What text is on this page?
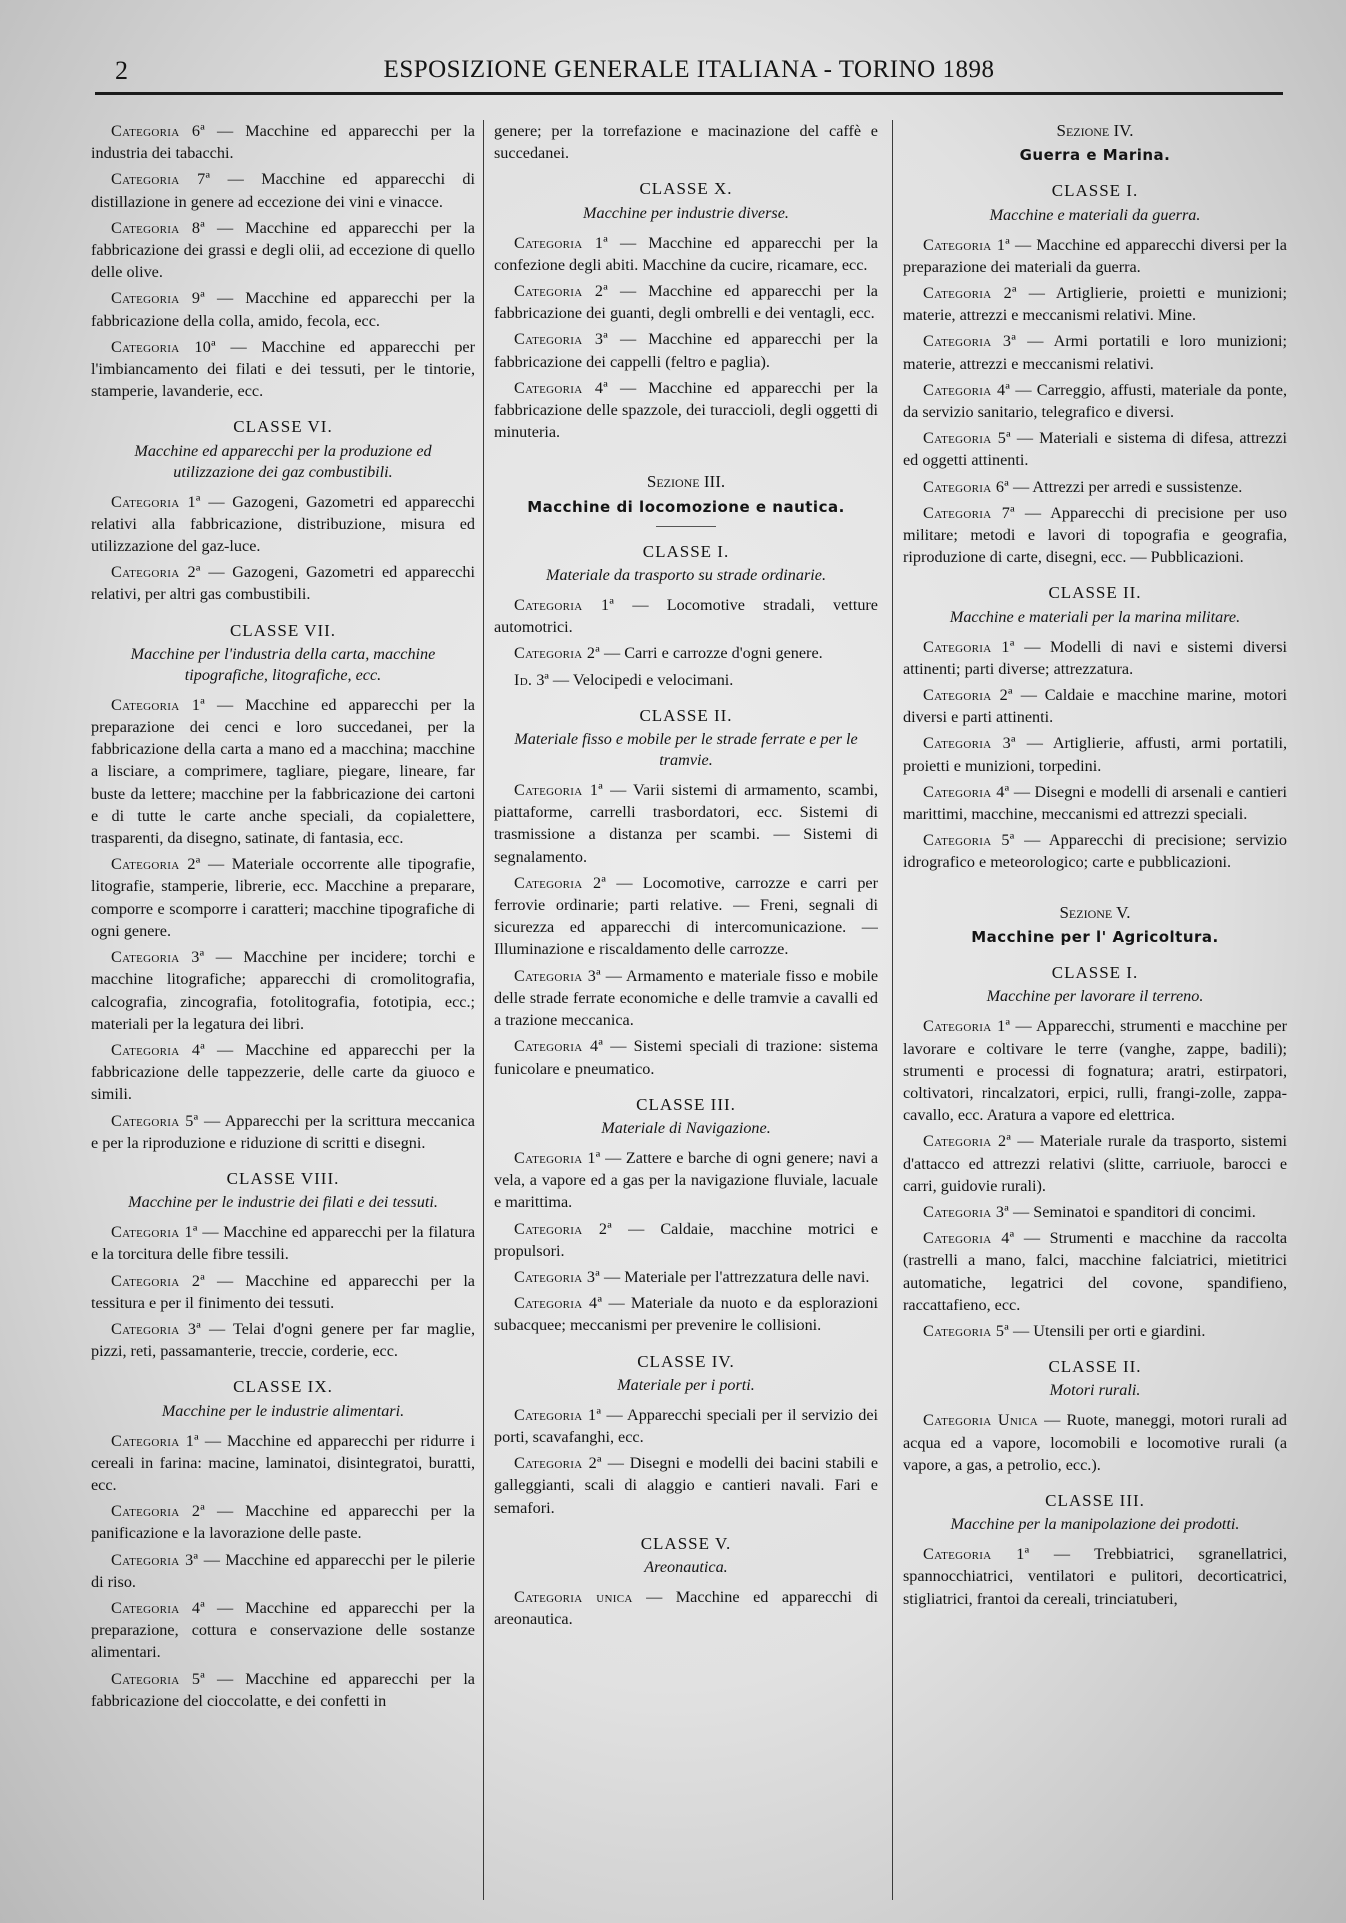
2	ESPOSIZIONE GENERALE ITALIANA - TORINO 1898

Categoria 6ª — Macchine ed apparecchi per la industria dei tabacchi.

Categoria 7ª — Macchine ed apparecchi di distillazione in genere ad eccezione dei vini e vinacce.

Categoria 8ª — Macchine ed apparecchi per la fabbricazione dei grassi e degli olii, ad eccezione di quello delle olive.

Categoria 9ª — Macchine ed apparecchi per la fabbricazione della colla, amido, fecola, ecc.

Categoria 10ª — Macchine ed apparecchi per l'imbiancamento dei filati e dei tessuti, per le tintorie, stamperie, lavanderie, ecc.

CLASSE VI.
Macchine ed apparecchi per la produzione ed utilizzazione dei gaz combustibili.

Categoria 1ª — Gazogeni, Gazometri ed apparecchi relativi alla fabbricazione, distribuzione, misura ed utilizzazione del gaz-luce.

Categoria 2ª — Gazogeni, Gazometri ed apparecchi relativi, per altri gas combustibili.

CLASSE VII.
Macchine per l'industria della carta, macchine tipografiche, litografiche, ecc.

Categoria 1ª — Macchine ed apparecchi per la preparazione dei cenci e loro succedanei, per la fabbricazione della carta a mano ed a macchina; macchine a lisciare, a comprimere, tagliare, piegare, lineare, far buste da lettere; macchine per la fabbricazione dei cartoni e di tutte le carte anche speciali, da copialettere, trasparenti, da disegno, satinate, di fantasia, ecc.

Categoria 2ª — Materiale occorrente alle tipografie, litografie, stamperie, librerie, ecc. Macchine a preparare, comporre e scomporre i caratteri; macchine tipografiche di ogni genere.

Categoria 3ª — Macchine per incidere; torchi e macchine litografiche; apparecchi di cromolitografia, calcografia, zincografia, fotolitografia, fototipia, ecc.; materiali per la legatura dei libri.

Categoria 4ª — Macchine ed apparecchi per la fabbricazione delle tappezzerie, delle carte da giuoco e simili.

Categoria 5ª — Apparecchi per la scrittura meccanica e per la riproduzione e riduzione di scritti e disegni.

CLASSE VIII.
Macchine per le industrie dei filati e dei tessuti.

Categoria 1ª — Macchine ed apparecchi per la filatura e la torcitura delle fibre tessili.

Categoria 2ª — Macchine ed apparecchi per la tessitura e per il finimento dei tessuti.

Categoria 3ª — Telai d'ogni genere per far maglie, pizzi, reti, passamanterie, treccie, corderie, ecc.

CLASSE IX.
Macchine per le industrie alimentari.

Categoria 1ª — Macchine ed apparecchi per ridurre i cereali in farina: macine, laminatoi, disintegratoi, buratti, ecc.

Categoria 2ª — Macchine ed apparecchi per la panificazione e la lavorazione delle paste.

Categoria 3ª — Macchine ed apparecchi per le pilerie di riso.

Categoria 4ª — Macchine ed apparecchi per la preparazione, cottura e conservazione delle sostanze alimentari.

Categoria 5ª — Macchine ed apparecchi per la fabbricazione del cioccolatte, e dei confetti in

genere; per la torrefazione e macinazione del caffè e succedanei.

CLASSE X.
Macchine per industrie diverse.

Categoria 1ª — Macchine ed apparecchi per la confezione degli abiti. Macchine da cucire, ricamare, ecc.

Categoria 2ª — Macchine ed apparecchi per la fabbricazione dei guanti, degli ombrelli e dei ventagli, ecc.

Categoria 3ª — Macchine ed apparecchi per la fabbricazione dei cappelli (feltro e paglia).

Categoria 4ª — Macchine ed apparecchi per la fabbricazione delle spazzole, dei turaccioli, degli oggetti di minuteria.

Sezione III.
Macchine di locomozione e nautica.
CLASSE I.
Materiale da trasporto su strade ordinarie.

Categoria 1ª — Locomotive stradali, vetture automotrici.

Categoria 2ª — Carri e carrozze d'ogni genere.

Id. 3ª — Velocipedi e velocimani.

CLASSE II.
Materiale fisso e mobile per le strade ferrate e per le tramvie.

Categoria 1ª — Varii sistemi di armamento, scambi, piattaforme, carrelli trasbordatori, ecc. Sistemi di trasmissione a distanza per scambi. — Sistemi di segnalamento.

Categoria 2ª — Locomotive, carrozze e carri per ferrovie ordinarie; parti relative. — Freni, segnali di sicurezza ed apparecchi di intercomunicazione. — Illuminazione e riscaldamento delle carrozze.

Categoria 3ª — Armamento e materiale fisso e mobile delle strade ferrate economiche e delle tramvie a cavalli ed a trazione meccanica.

Categoria 4ª — Sistemi speciali di trazione: sistema funicolare e pneumatico.

CLASSE III.
Materiale di Navigazione.

Categoria 1ª — Zattere e barche di ogni genere; navi a vela, a vapore ed a gas per la navigazione fluviale, lacuale e marittima.

Categoria 2ª — Caldaie, macchine motrici e propulsori.

Categoria 3ª — Materiale per l'attrezzatura delle navi.

Categoria 4ª — Materiale da nuoto e da esplorazioni subacquee; meccanismi per prevenire le collisioni.

CLASSE IV.
Materiale per i porti.

Categoria 1ª — Apparecchi speciali per il servizio dei porti, scavafanghi, ecc.

Categoria 2ª — Disegni e modelli dei bacini stabili e galleggianti, scali di alaggio e cantieri navali. Fari e semafori.

CLASSE V.
Areonautica.

Categoria unica — Macchine ed apparecchi di areonautica.

Sezione IV.
Guerra e Marina.
CLASSE I.
Macchine e materiali da guerra.

Categoria 1ª — Macchine ed apparecchi diversi per la preparazione dei materiali da guerra.

Categoria 2ª — Artiglierie, proietti e munizioni; materie, attrezzi e meccanismi relativi. Mine.

Categoria 3ª — Armi portatili e loro munizioni; materie, attrezzi e meccanismi relativi.

Categoria 4ª — Carreggio, affusti, materiale da ponte, da servizio sanitario, telegrafico e diversi.

Categoria 5ª — Materiali e sistema di difesa, attrezzi ed oggetti attinenti.

Categoria 6ª — Attrezzi per arredi e sussistenze.

Categoria 7ª — Apparecchi di precisione per uso militare; metodi e lavori di topografia e geografia, riproduzione di carte, disegni, ecc. — Pubblicazioni.

CLASSE II.
Macchine e materiali per la marina militare.

Categoria 1ª — Modelli di navi e sistemi diversi attinenti; parti diverse; attrezzatura.

Categoria 2ª — Caldaie e macchine marine, motori diversi e parti attinenti.

Categoria 3ª — Artiglierie, affusti, armi portatili, proietti e munizioni, torpedini.

Categoria 4ª — Disegni e modelli di arsenali e cantieri marittimi, macchine, meccanismi ed attrezzi speciali.

Categoria 5ª — Apparecchi di precisione; servizio idrografico e meteorologico; carte e pubblicazioni.

Sezione V.
Macchine per l' Agricoltura.
CLASSE I.
Macchine per lavorare il terreno.

Categoria 1ª — Apparecchi, strumenti e macchine per lavorare e coltivare le terre (vanghe, zappe, badili); strumenti e processi di fognatura; aratri, estirpatori, coltivatori, rincalzatori, erpici, rulli, frangi-zolle, zappa-cavallo, ecc. Aratura a vapore ed elettrica.

Categoria 2ª — Materiale rurale da trasporto, sistemi d'attacco ed attrezzi relativi (slitte, carriuole, barocci e carri, guidovie rurali).

Categoria 3ª — Seminatoi e spanditori di concimi.

Categoria 4ª — Strumenti e macchine da raccolta (rastrelli a mano, falci, macchine falciatrici, mietitrici automatiche, legatrici del covone, spandifieno, raccattafieno, ecc.

Categoria 5ª — Utensili per orti e giardini.

CLASSE II.
Motori rurali.

Categoria Unica — Ruote, maneggi, motori rurali ad acqua ed a vapore, locomobili e locomotive rurali (a vapore, a gas, a petrolio, ecc.).

CLASSE III.
Macchine per la manipolazione dei prodotti.

Categoria 1ª — Trebbiatrici, sgranellatrici, spannocchiatrici, ventilatori e pulitori, decorticatrici, stigliatrici, frantoi da cereali, trinciatuberi,
